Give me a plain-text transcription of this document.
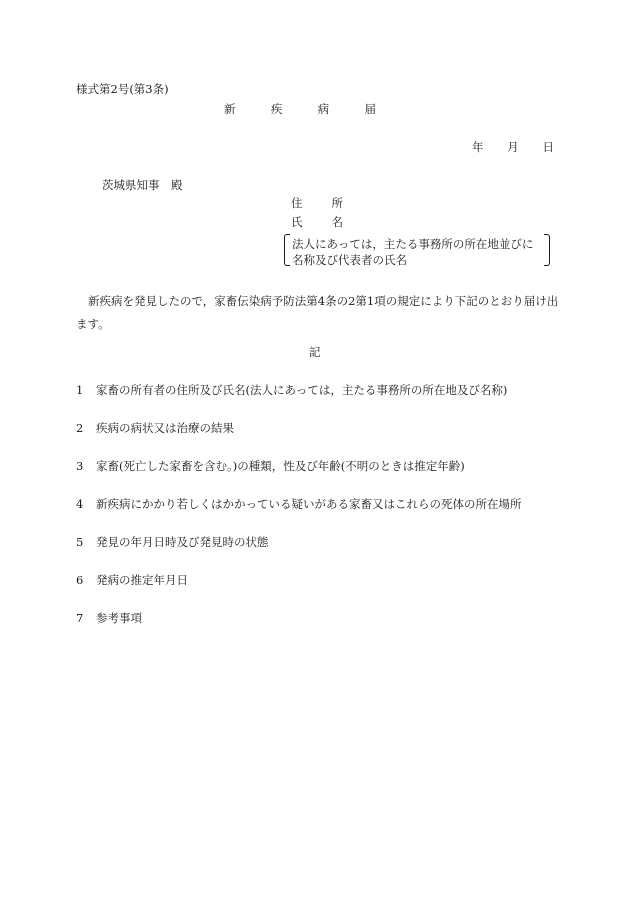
様式第2号(第3条)
新	疾	病	届
年 月 日
茨城県知事　殿
住	所
氏	名
法人にあっては，主たる事務所の所在地並びに
名称及び代表者の氏名
新疾病を発見したので，家畜伝染病予防法第4条の2第1項の規定により下記のとおり届け出ます。
記
1 家畜の所有者の住所及び氏名(法人にあっては，主たる事務所の所在地及び名称)
2 疾病の病状又は治療の結果
3 家畜(死亡した家畜を含む。)の種類，性及び年齢(不明のときは推定年齢)
4 新疾病にかかり若しくはかかっている疑いがある家畜又はこれらの死体の所在場所
5 発見の年月日時及び発見時の状態
6 発病の推定年月日
7 参考事項
